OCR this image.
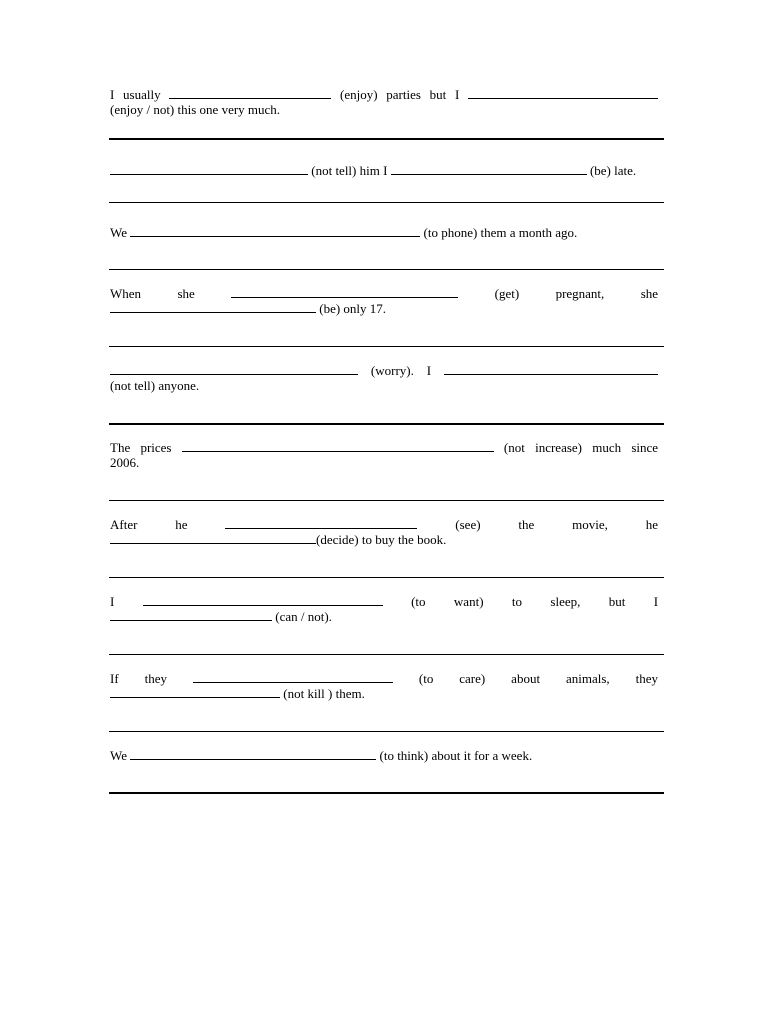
I usually	(enjoy) parties but I
(enjoy / not) this one very much.
(not tell) him I	(be) late.
We	(to phone) them a month ago.
When	she	(get)	pregnant,	she
(be) only 17.
(worry). I
(not tell) anyone.
The prices	(not increase) much since
2006.
After	he	(see)	the	movie,	he
(decide) to buy the book.
I	(to want) to sleep, but I
(can / not).
If they	(to care) about animals, they
(not kill ) them.
We	(to think) about it for a week.
